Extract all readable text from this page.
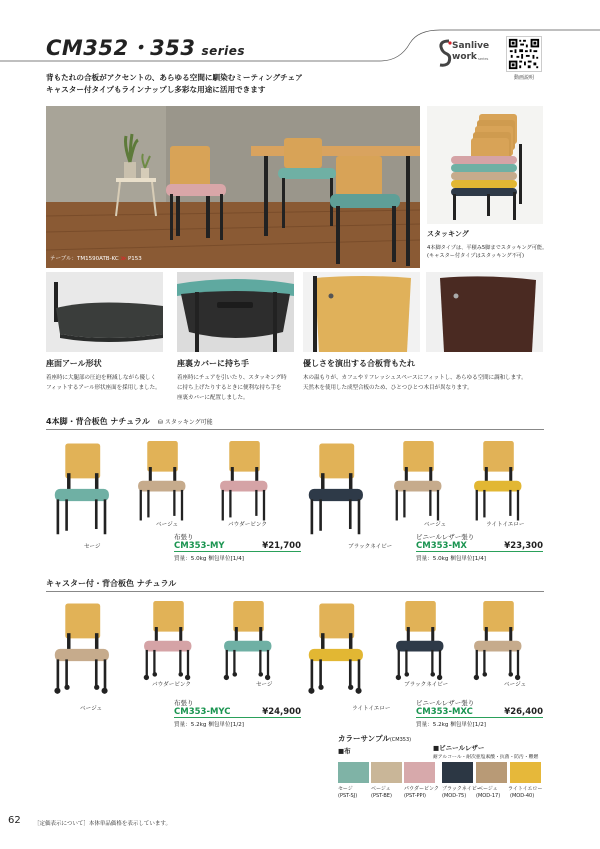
CM352・353 series
背もたれの合板がアクセントの、あらゆる空間に馴染むミーティングチェア
キャスター付タイプもラインナップし多彩な用途に活用できます
Sanlive
work series
動画説明
テーブル：TM1590ATB-KC ≫ P153
スタッキング
4本脚タイプは、平積み5脚までスタッキング可能。
(キャスター付タイプはスタッキング不可)
座面アール形状
着座時に大腿部の圧迫を軽減しながら優しく
フィットするアール形状座面を採用しました。
座裏カバーに持ち手
着座時にチェアを引いたり、スタッキング時
に持ち上げたりするときに便利な持ち手を
座裏カバーに配置しました。
優しさを演出する合板背もたれ
木の温もりが、カフェやリフレッシュスペースにフィットし、あらゆる空間に調和します。
天然木を使用した成型合板のため、ひとつひとつ木目が異なります。
4本脚・背合板色 ナチュラル ⛁ スタッキング可能
セージ
ベージュ	パウダーピンク
ブラックネイビー
ベージュ	ライトイエロー
布張り
CM353-MY	¥21,700
質量：5.0kg 梱包単位[1/4]
ビニールレザー張り
CM353-MX	¥23,300
質量：5.0kg 梱包単位[1/4]
キャスター付・背合板色 ナチュラル
ベージュ
パウダーピンク	セージ
ライトイエロー
ブラックネイビー	ベージュ
布張り
CM353-MYC	¥24,900
質量：5.2kg 梱包単位[1/2]
ビニールレザー張り
CM353-MXC	¥26,400
質量：5.2kg 梱包単位[1/2]
カラーサンプル(CM353)
■布	■ビニールレザー
耐アルコール・耐次亜塩素酸・抗菌・防汚・難燃
セージ
(PST-SJ)
ベージュ
(PST-BE)
パウダーピンク
(PST-PPI)
ブラックネイビー
(MOD-75)
ベージュ
(MOD-17)
ライトイエロー
(MOD-40)
62 ［定価表示について］本体単品価格を表示しています。
